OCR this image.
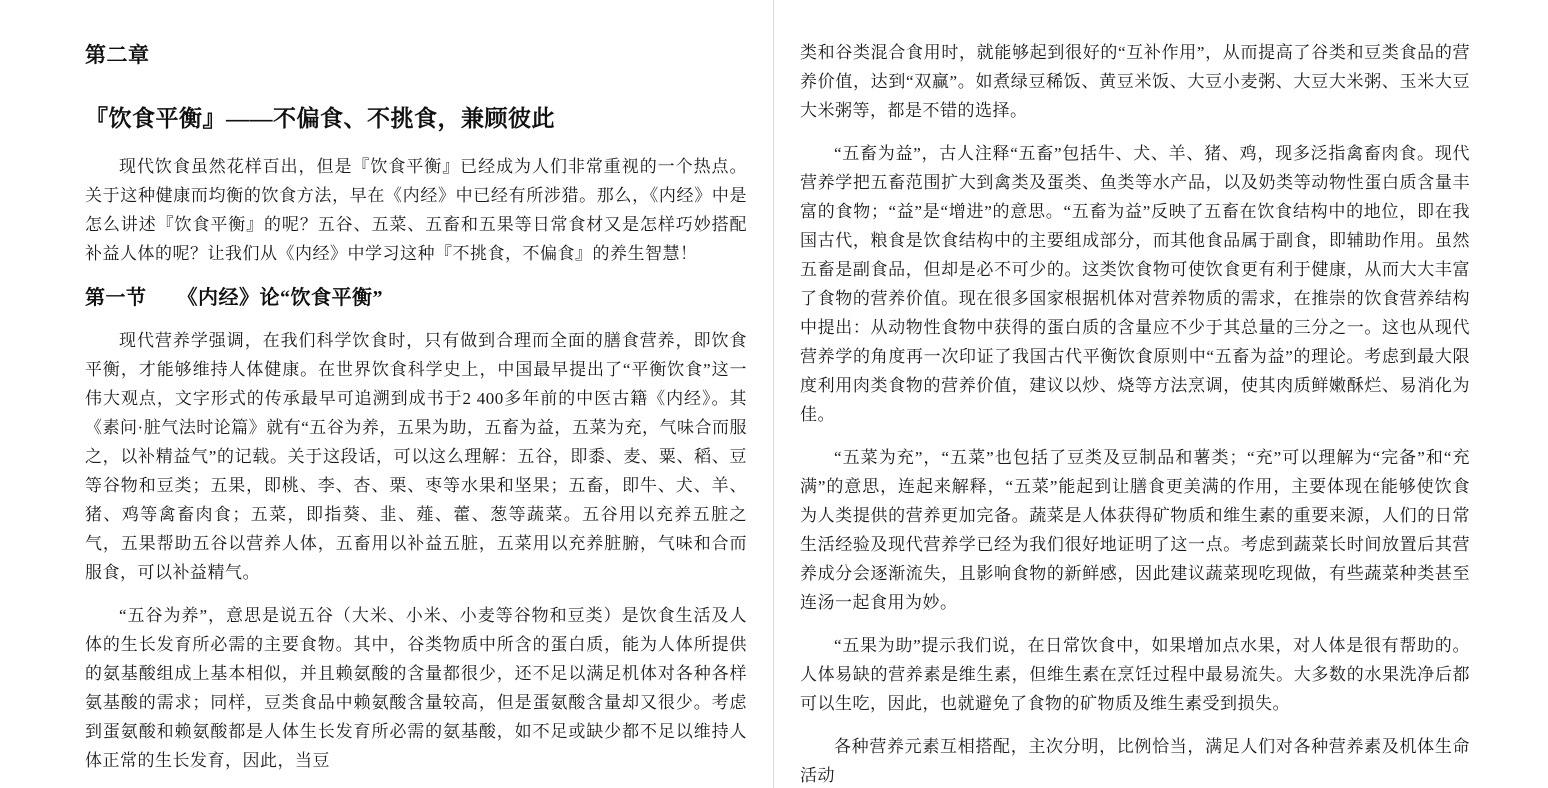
第二章
『饮食平衡』——不偏食、不挑食，兼顾彼此

现代饮食虽然花样百出，但是『饮食平衡』已经成为人们非常重视的一个热点。关于这种健康而均衡的饮食方法，早在《内经》中已经有所涉猎。那么，《内经》中是怎么讲述『饮食平衡』的呢？五谷、五菜、五畜和五果等日常食材又是怎样巧妙搭配补益人体的呢？让我们从《内经》中学习这种『不挑食，不偏食』的养生智慧！

第一节　　《内经》论“饮食平衡”

现代营养学强调，在我们科学饮食时，只有做到合理而全面的膳食营养，即饮食平衡，才能够维持人体健康。在世界饮食科学史上，中国最早提出了“平衡饮食”这一伟大观点，文字形式的传承最早可追溯到成书于2 400多年前的中医古籍《内经》。其《素问·脏气法时论篇》就有“五谷为养，五果为助，五畜为益，五菜为充，气味合而服之，以补精益气”的记载。关于这段话，可以这么理解：五谷，即黍、麦、粟、稻、豆等谷物和豆类；五果，即桃、李、杏、栗、枣等水果和坚果；五畜，即牛、犬、羊、猪、鸡等禽畜肉食；五菜，即指葵、韭、薤、藿、葱等蔬菜。五谷用以充养五脏之气，五果帮助五谷以营养人体，五畜用以补益五脏，五菜用以充养脏腑，气味和合而服食，可以补益精气。

“五谷为养”，意思是说五谷（大米、小米、小麦等谷物和豆类）是饮食生活及人体的生长发育所必需的主要食物。其中，谷类物质中所含的蛋白质，能为人体所提供的氨基酸组成上基本相似，并且赖氨酸的含量都很少，还不足以满足机体对各种各样氨基酸的需求；同样，豆类食品中赖氨酸含量较高，但是蛋氨酸含量却又很少。考虑到蛋氨酸和赖氨酸都是人体生长发育所必需的氨基酸，如不足或缺少都不足以维持人体正常的生长发育，因此，当豆

类和谷类混合食用时，就能够起到很好的“互补作用”，从而提高了谷类和豆类食品的营养价值，达到“双赢”。如煮绿豆稀饭、黄豆米饭、大豆小麦粥、大豆大米粥、玉米大豆大米粥等，都是不错的选择。

“五畜为益”，古人注释“五畜”包括牛、犬、羊、猪、鸡，现多泛指禽畜肉食。现代营养学把五畜范围扩大到禽类及蛋类、鱼类等水产品，以及奶类等动物性蛋白质含量丰富的食物；“益”是“增进”的意思。“五畜为益”反映了五畜在饮食结构中的地位，即在我国古代，粮食是饮食结构中的主要组成部分，而其他食品属于副食，即辅助作用。虽然五畜是副食品，但却是必不可少的。这类饮食物可使饮食更有利于健康，从而大大丰富了食物的营养价值。现在很多国家根据机体对营养物质的需求，在推崇的饮食营养结构中提出：从动物性食物中获得的蛋白质的含量应不少于其总量的三分之一。这也从现代营养学的角度再一次印证了我国古代平衡饮食原则中“五畜为益”的理论。考虑到最大限度利用肉类食物的营养价值，建议以炒、烧等方法烹调，使其肉质鲜嫩酥烂、易消化为佳。

“五菜为充”，“五菜”也包括了豆类及豆制品和薯类；“充”可以理解为“完备”和“充满”的意思，连起来解释，“五菜”能起到让膳食更美满的作用，主要体现在能够使饮食为人类提供的营养更加完备。蔬菜是人体获得矿物质和维生素的重要来源，人们的日常生活经验及现代营养学已经为我们很好地证明了这一点。考虑到蔬菜长时间放置后其营养成分会逐渐流失，且影响食物的新鲜感，因此建议蔬菜现吃现做，有些蔬菜种类甚至连汤一起食用为妙。

“五果为助”提示我们说，在日常饮食中，如果增加点水果，对人体是很有帮助的。人体易缺的营养素是维生素，但维生素在烹饪过程中最易流失。大多数的水果洗净后都可以生吃，因此，也就避免了食物的矿物质及维生素受到损失。

各种营养元素互相搭配，主次分明，比例恰当，满足人们对各种营养素及机体生命活动
